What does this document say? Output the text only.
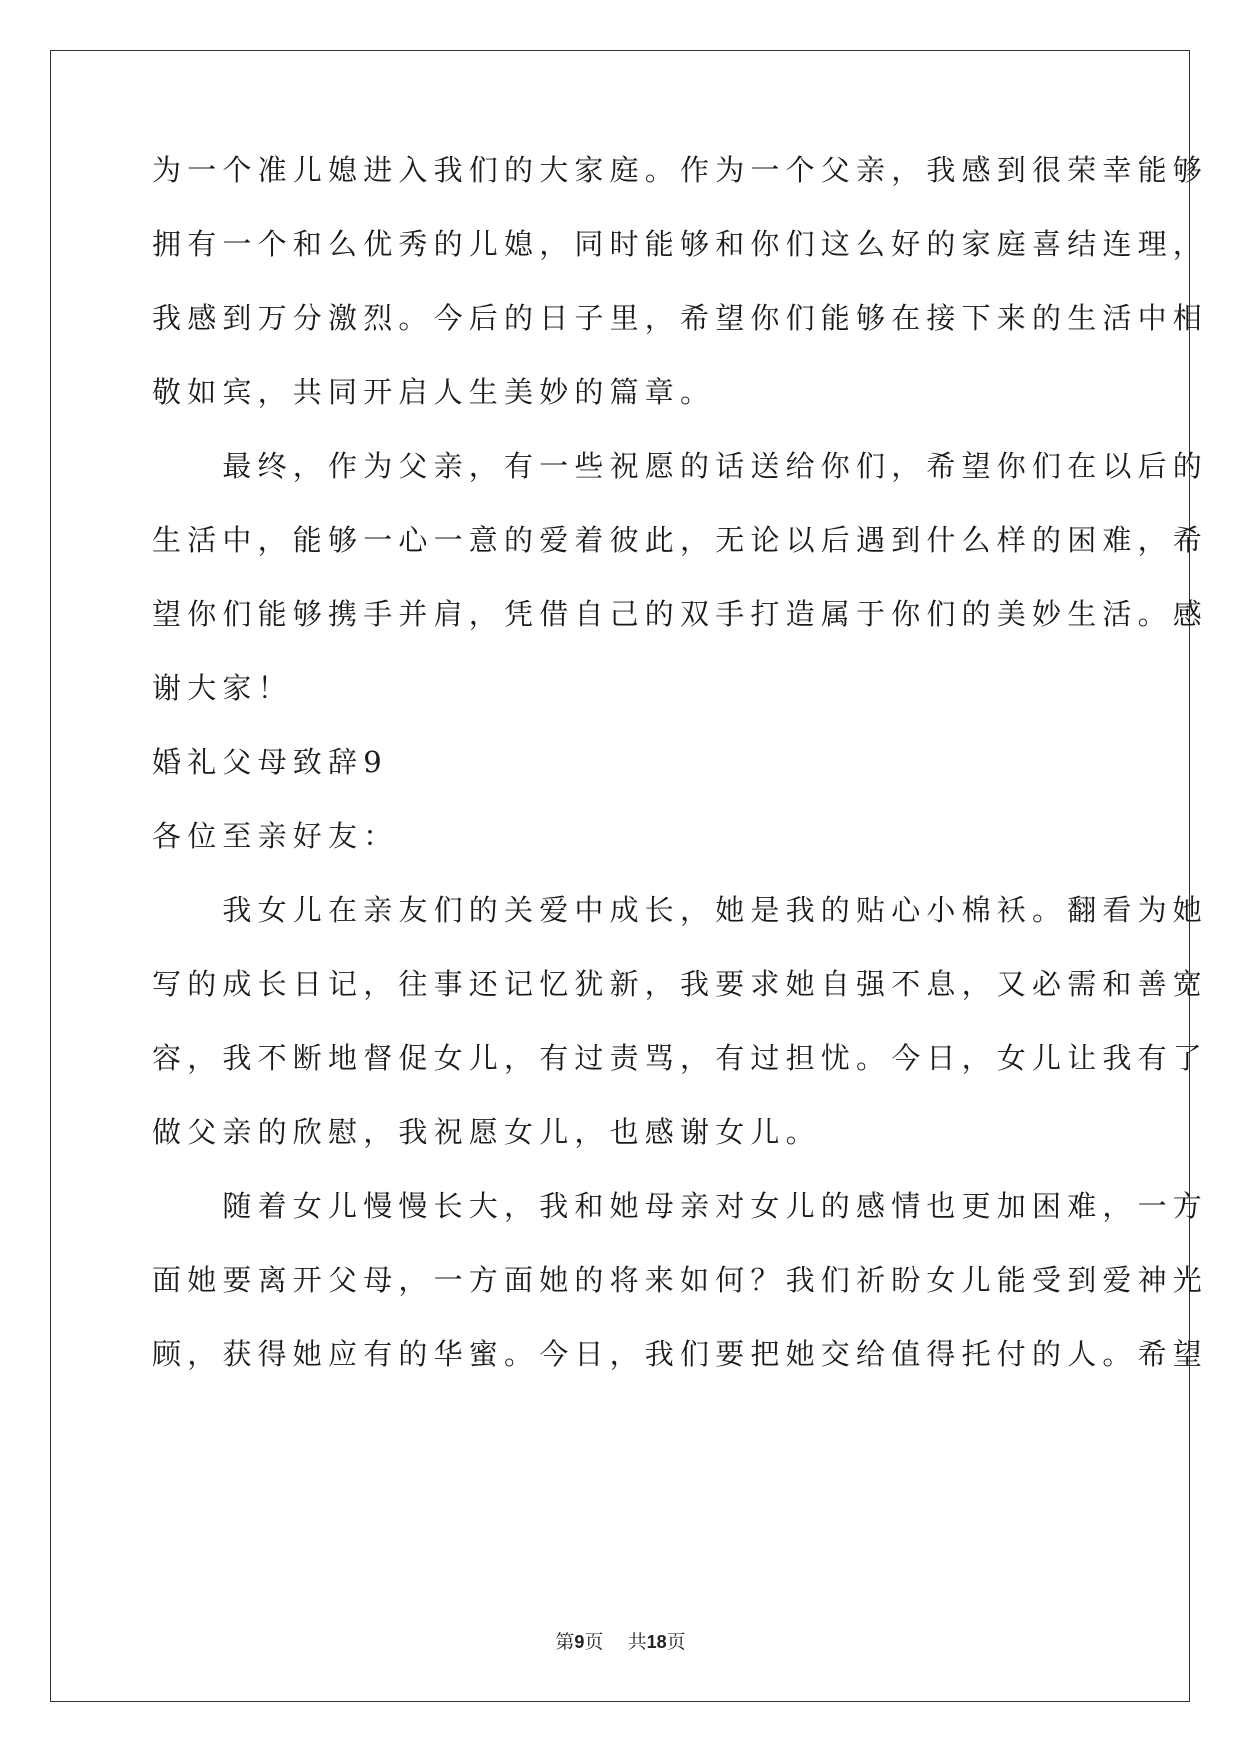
为一个准儿媳进入我们的大家庭。作为一个父亲，我感到很荣幸能够
拥有一个和么优秀的儿媳，同时能够和你们这么好的家庭喜结连理，
我感到万分激烈。今后的日子里，希望你们能够在接下来的生活中相
敬如宾，共同开启人生美妙的篇章。
　　最终，作为父亲，有一些祝愿的话送给你们，希望你们在以后的
生活中，能够一心一意的爱着彼此，无论以后遇到什么样的困难，希
望你们能够携手并肩，凭借自己的双手打造属于你们的美妙生活。感
谢大家！
婚礼父母致辞9
各位至亲好友：
　　我女儿在亲友们的关爱中成长，她是我的贴心小棉袄。翻看为她
写的成长日记，往事还记忆犹新，我要求她自强不息，又必需和善宽
容，我不断地督促女儿，有过责骂，有过担忧。今日，女儿让我有了
做父亲的欣慰，我祝愿女儿，也感谢女儿。
　　随着女儿慢慢长大，我和她母亲对女儿的感情也更加困难，一方
面她要离开父母，一方面她的将来如何？我们祈盼女儿能受到爱神光
顾，获得她应有的华蜜。今日，我们要把她交给值得托付的人。希望
第9页 共18页
